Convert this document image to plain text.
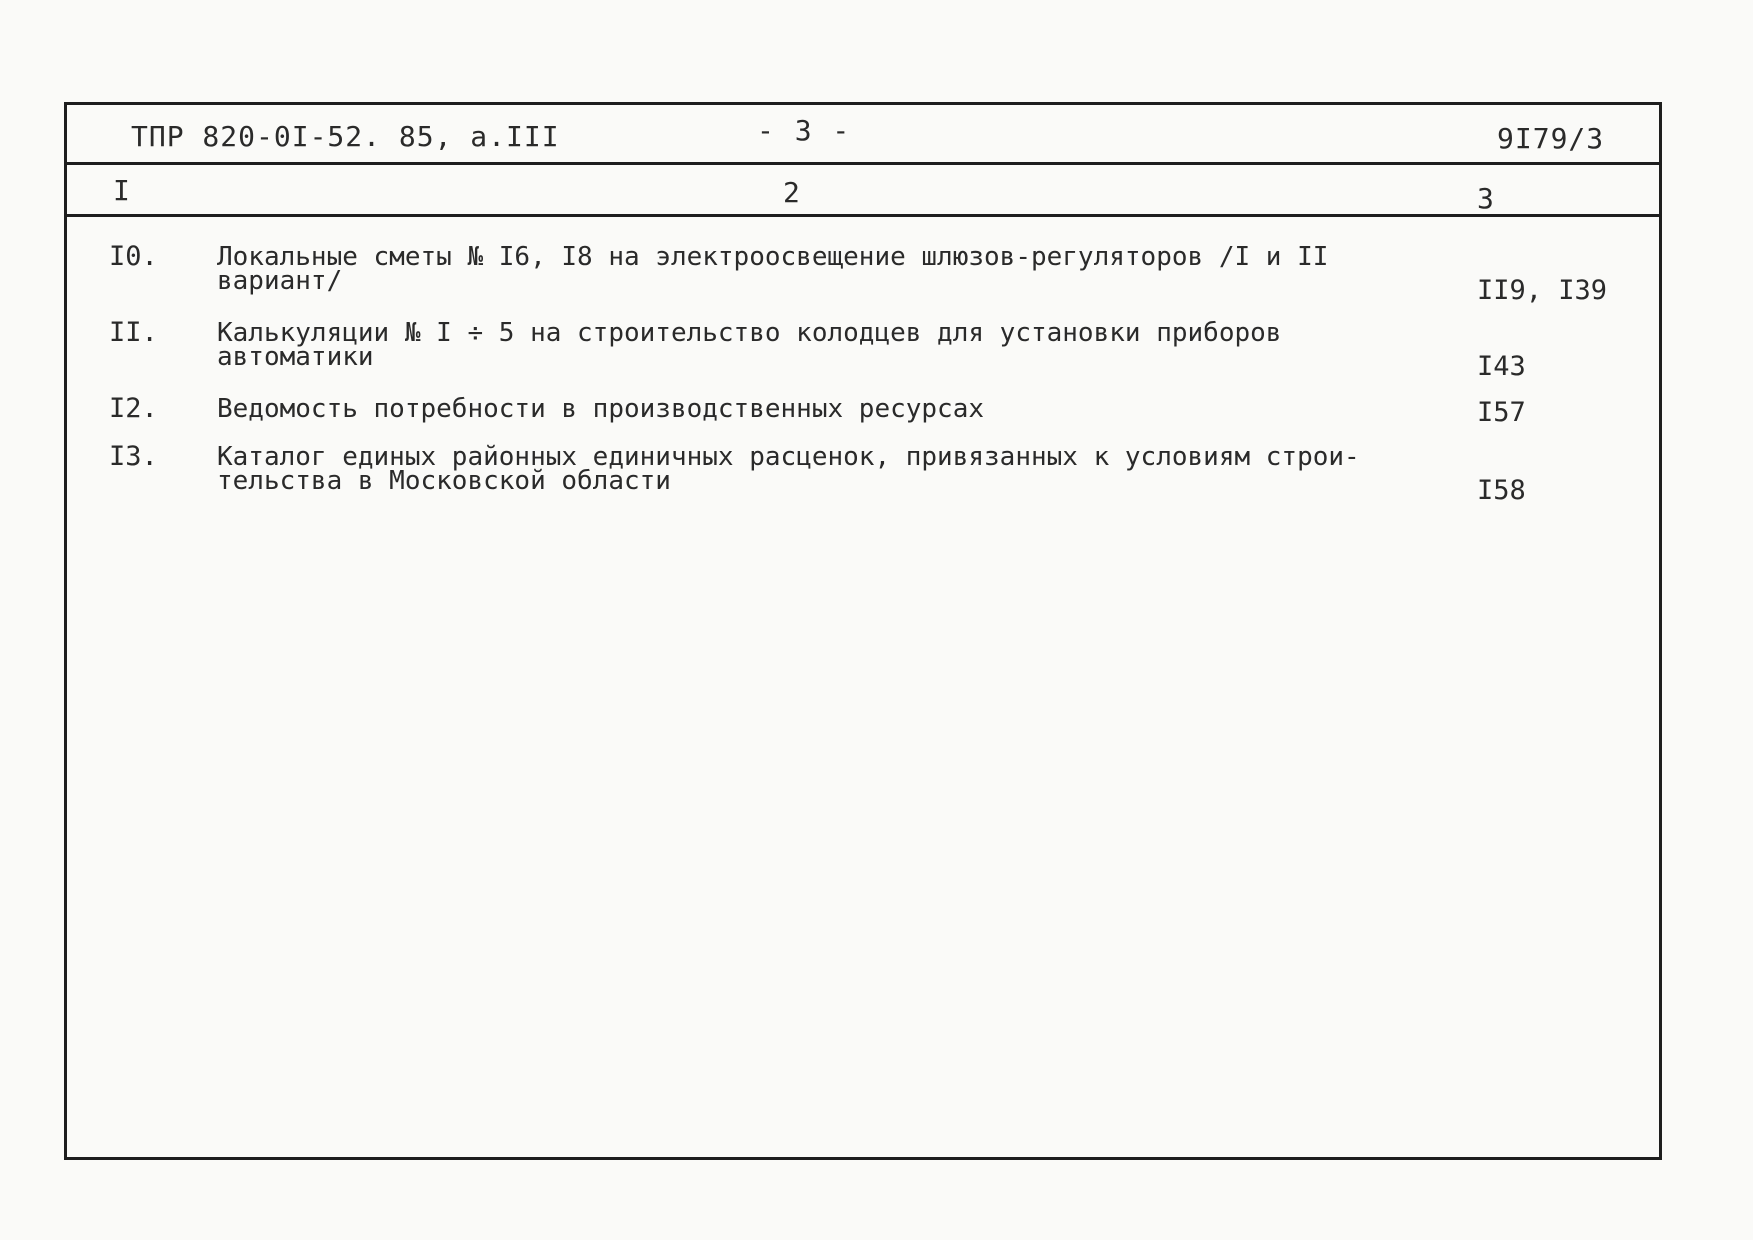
ТПР 820-0I-52. 85, а.III	- 3 -	9I79/3
I	2	3
I0. Локальные сметы № I6, I8 на электроосвещение шлюзов-регуляторов /I и II
вариант/	II9, I39
II. Калькуляции № I ÷ 5 на строительство колодцев для установки приборов
автоматики	I43
I2. Ведомость потребности в производственных ресурсах	I57
I3. Каталог единых районных единичных расценок, привязанных к условиям строи-
тельства в Московской области	I58
